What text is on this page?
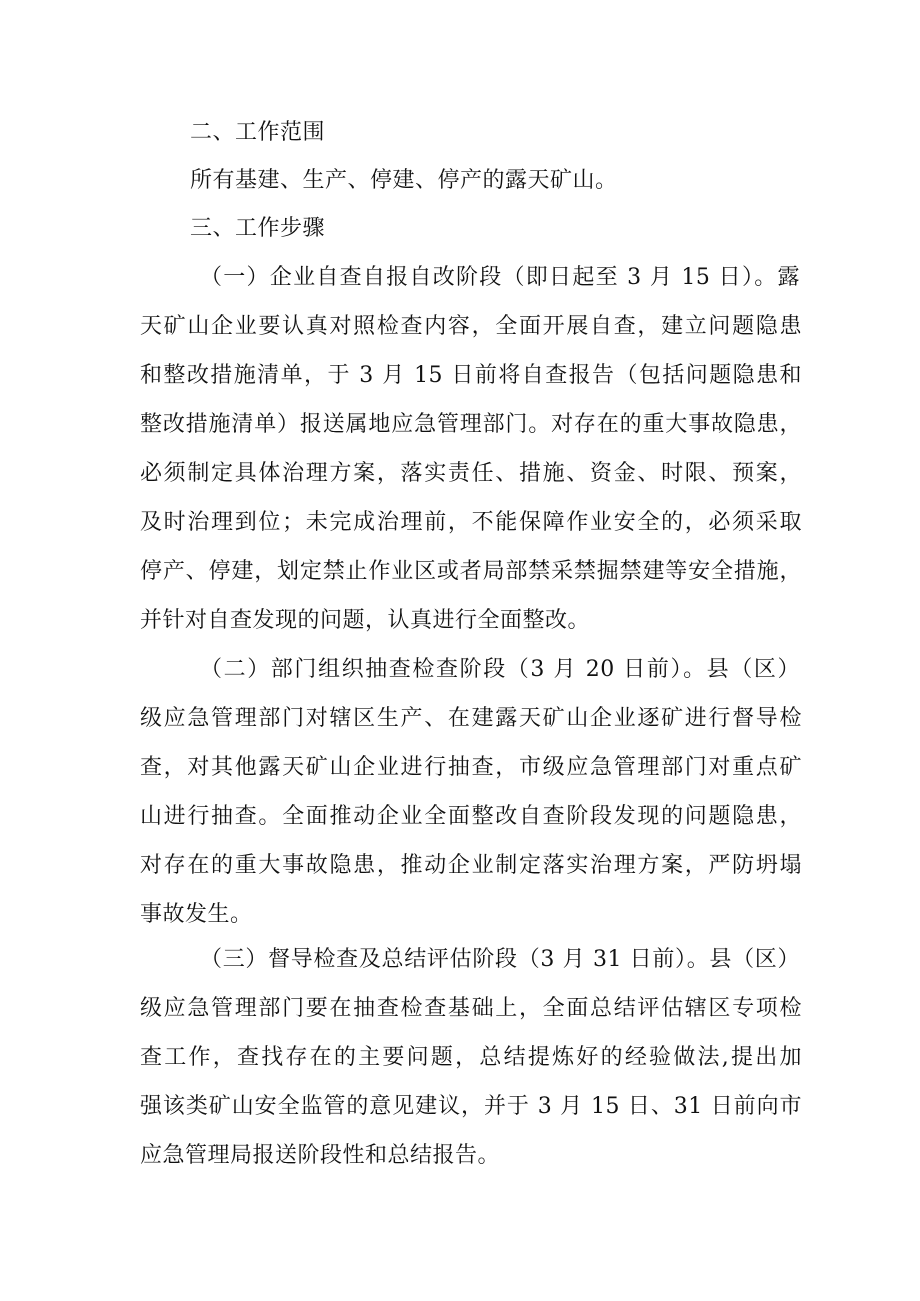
二、工作范围
所有基建、生产、停建、停产的露天矿山。
三、工作步骤
（一）企业自查自报自改阶段（即日起至 3 月 15 日）。露
天矿山企业要认真对照检查内容，全面开展自查，建立问题隐患
和整改措施清单，于 3 月 15 日前将自查报告（包括问题隐患和
整改措施清单）报送属地应急管理部门。对存在的重大事故隐患，
必须制定具体治理方案，落实责任、措施、资金、时限、预案，
及时治理到位；未完成治理前，不能保障作业安全的，必须采取
停产、停建，划定禁止作业区或者局部禁采禁掘禁建等安全措施，
并针对自查发现的问题，认真进行全面整改。
（二）部门组织抽查检查阶段（3 月 20 日前）。县（区）
级应急管理部门对辖区生产、在建露天矿山企业逐矿进行督导检
查，对其他露天矿山企业进行抽查，市级应急管理部门对重点矿
山进行抽查。全面推动企业全面整改自查阶段发现的问题隐患，
对存在的重大事故隐患，推动企业制定落实治理方案，严防坍塌
事故发生。
（三）督导检查及总结评估阶段（3 月 31 日前）。县（区）
级应急管理部门要在抽查检查基础上，全面总结评估辖区专项检
查工作，查找存在的主要问题，总结提炼好的经验做法,提出加
强该类矿山安全监管的意见建议，并于 3 月 15 日、31 日前向市
应急管理局报送阶段性和总结报告。
